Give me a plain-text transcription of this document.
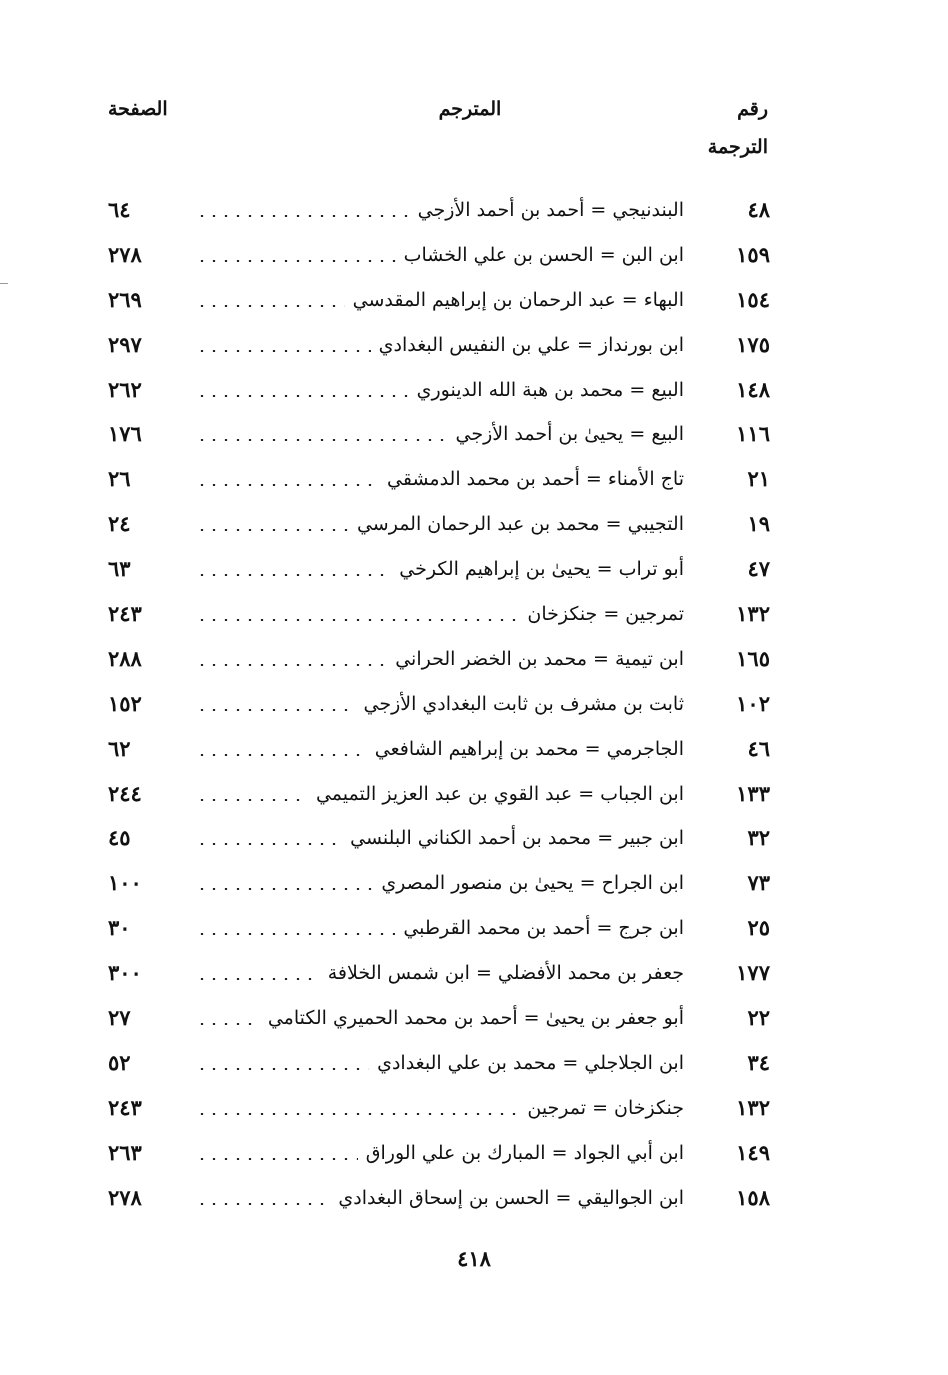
رقم
الترجمة
المترجم
الصفحة
٤٨
البندنيجي = أحمد بن أحمد الأزجي
٦٤
١٥٩
ابن البن = الحسن بن علي الخشاب
٢٧٨
١٥٤
البهاء = عبد الرحمان بن إبراهيم المقدسي
٢٦٩
١٧٥
ابن بورنداز = علي بن النفيس البغدادي
٢٩٧
١٤٨
البيع = محمد بن هبة الله الدينوري
٢٦٢
١١٦
البيع = يحيىٰ بن أحمد الأزجي
١٧٦
٢١
تاج الأمناء = أحمد بن محمد الدمشقي
٢٦
١٩
التجيبي = محمد بن عبد الرحمان المرسي
٢٤
٤٧
أبو تراب = يحيىٰ بن إبراهيم الكرخي
٦٣
١٣٢
تمرجين = جنكزخان
٢٤٣
١٦٥
ابن تيمية = محمد بن الخضر الحراني
٢٨٨
١٠٢
ثابت بن مشرف بن ثابت البغدادي الأزجي
١٥٢
٤٦
الجاجرمي = محمد بن إبراهيم الشافعي
٦٢
١٣٣
ابن الجباب = عبد القوي بن عبد العزيز التميمي
٢٤٤
٣٢
ابن جبير = محمد بن أحمد الكناني البلنسي
٤٥
٧٣
ابن الجراح = يحيىٰ بن منصور المصري
١٠٠
٢٥
ابن جرج = أحمد بن محمد القرطبي
٣٠
١٧٧
جعفر بن محمد الأفضلي = ابن شمس الخلافة
٣٠٠
٢٢
أبو جعفر بن يحيىٰ = أحمد بن محمد الحميري الكتامي
٢٧
٣٤
ابن الجلاجلي = محمد بن علي البغدادي
٥٢
١٣٢
جنكزخان = تمرجين
٢٤٣
١٤٩
ابن أبي الجواد = المبارك بن علي الوراق
٢٦٣
١٥٨
ابن الجواليقي = الحسن بن إسحاق البغدادي
٢٧٨
٤١٨
